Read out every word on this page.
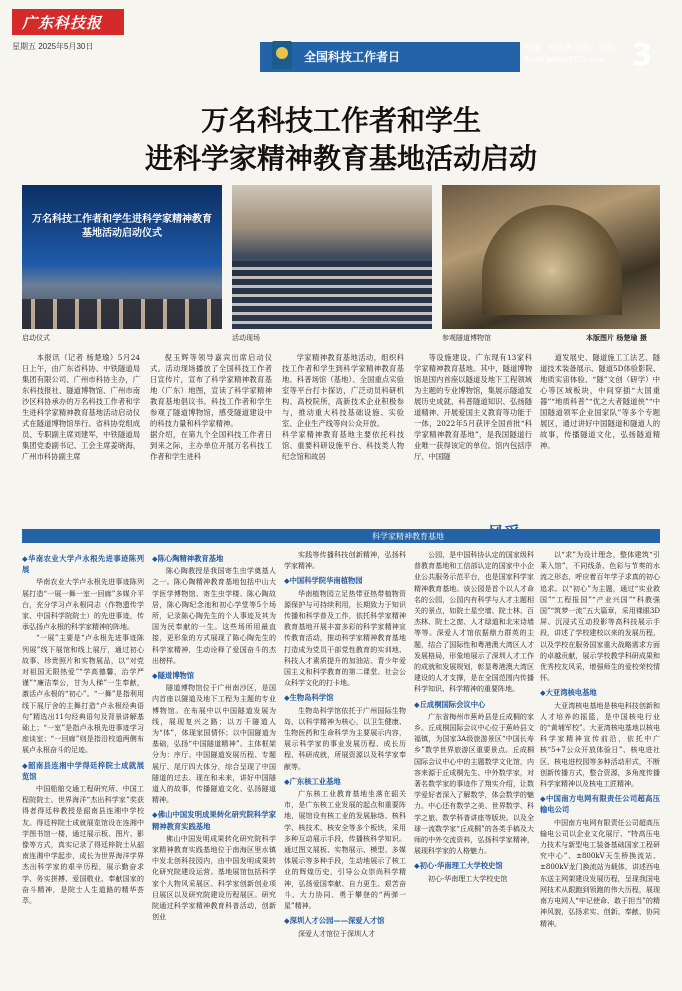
广东科技报
星期五 2025年5月30日
全国科技工作者日
责编：刘海燕 美编：陈阳
Email:gdkjb@126.com 3
万名科技工作者和学生
进科学家精神教育基地活动启动
万名科技工作者和学生进科学家精神教育基地活动启动仪式
启动仪式	活动现场	参观隧道博物馆	本版图片 杨楚瑜 摄

本报讯（记者 杨楚瑜）5月24日上午，由广东省科协、中铁隧道局集团有限公司、广州市科协主办，广东科技报社、隧道博物馆、广州市南沙区科协承办的万名科技工作者和学生进科学家精神教育基地活动启动仪式在隧道博物馆举行。省科协党组成员、专职副主席刘建军，中铁隧道局集团党委副书记、工会主席姜晓海，广州市科协副主席

倪玉辉等领导嘉宾出席启动仪式。活动现场播放了全国科技工作者日宣传片，宣布了科学家精神教育基地（广东）地图，宣读了科学家精神教育基地倡议书。科技工作者和学生参观了隧道博物馆，感受隧道建设中的科技力量和科学家精神。
据介绍，在第九个全国科技工作者日到来之际，主办单位开展万名科技工作者和学生进科

学家精神教育基地活动，组织科技工作者和学生到科学家精神教育基地、科普场馆（基地）、全国重点实验室等平台打卡探访，广泛动员科研机构、高校院所，高新技术企业积极参与，推动重大科技基础设施、实验室、企业生产线等向公众开放。
科学家精神教育基地主要依托科技馆、重要科研设施平台、科技类人物纪念馆和故居

等设施建设。广东现有13家科学家精神教育基地。其中，隧道博物馆是国内首座以隧道及地下工程领域为主题的专业博物馆，集展示隧道发展历史成就、科普隧道知识、弘扬隧道精神、开展爱国主义教育等功能于一体，2022年5月获评全国首批“科学家精神教育基地”，是我国隧道行业唯一获得该定的单位。馆内包括序厅、中国隧

道发展史、隧道施工工法艺、隧道技术装备展示、隧道5D体验影院、地质实宙体验、“隧”文创（研学）中心等区域板块，中间穿插“大国重器”“地质科普”“优之大者隧道侠”“中国隧道领军企业国家队”等多个专题展区，通过讲好中国隧道和隧道人的故事，传播隧道文化，弘扬隧道精神。

科学家精神教育基地	风采
◆华南农业大学卢永根先进事迹陈列展

华南农业大学卢永根先进事迹陈列展打造“一展一舞一室一回廊”多媒介平台，充分学习卢永根同志（作物遗传学家、中国科学院院士）的先进事迹，传承弘扬卢永根的科学家精神的阵地。

“一展”主要是“卢永根先进事迹陈列展”线下展馆和线上展厅，通过初心故事、珍贵照片和实物展品，以“对党对祖国无限热爱”“学高德馨，治学严谨”“廉洁奉公，甘为人梯”一生奉献，激活卢永根的“初心”。“一舞”是指利用线下展厅舍的主舞打造“卢永根经典语句”精选出11句经典语句及背景讲解基础上；“一室”是指卢永根先进事迹学习座谈室；“一回廊”则是指沿校道两侧布展卢永根奋斗的足迹。

◆韶南县连湘中学得廷梓院士成就展览馆

中国船舶交通工程研究所、中国工程院院士、世界海洋“杰出科学家”奖获得者得廷梓教授是韶南县连湘中学校友。得廷梓院士成就展览馆设在连湘中学图书馆一楼，通过展示板、图片、影像等方式，真实记录了得廷梓院士从韶南连湘中学起步，成长为世界海洋学界杰出科学家的艰辛历程，展示勤奋求学、务实拼搏、爱国敬业、奉献国家的奋斗精神，是院士人生道路的精华荟萃。

◆陈心陶精神教育基地

陈心陶教授是我国寄生虫学奠基人之一。陈心陶精神教育基地包括中山大学医学博物馆、寄生虫学楼、陈心陶故居，陈心陶纪念池和初心学堂等5个场所，记录陈心陶先生的个人事迹及其为国为民奉献的一生。这些场所用最直接，更形象的方式展现了陈心陶先生的科学家精神，生动诠释了爱国奋斗的杰出榜样。

◆隧道博物馆

隧道博物馆位于广州南沙区，是国内首座以隧道及地下工程为主题的专业博物馆。在布展中以中国隧道发展为线，展现复兴之路；以万千隧道人为“体”，体现家国情怀；以中国隧道为基础，弘扬“中国隧道精神”。主体框架分为：序厅、中国隧道发展历程、专题展厅、尾厅四大体分，综合呈现了中国隧道的过去、现在和未来，讲好中国隧道人的故事，传播隧道文化、弘扬隧道精神。

◆佛山中国发明成果转化研究院科学家精神教育实践基地

佛山中国发明成果转化研究院科学家精神教育实践基地位于南海区里水镇中发北创科技园内，由中国发明成果转化研究院建设运营。基地展馆包括科学家个人物风采展区、科学家创新创业项目展区以及研究院建设历程展区。研究院通过科学家精神教育科普活动，创新创业

实践等传播科技创新精神，弘扬科学家精神。

◆中国科学院华南植物园

华南植物园立足热带亚热带植物资源保护与可持续利用，长期致力于知识传播和科学普及工作，依托科学家精神教育基地开展丰富多彩的科学家精神宣传教育活动，推动科学家精神教育基地打造成为党员干部党性教育的实训地、科技人才素质提升的加油站、青少年爱国主义和科学教育的第二课堂、社会公众科学文化的打卡地。

◆生物岛科学馆

生物岛科学馆依托于广州国际生物岛，以科学精神为核心，以卫生健康、生物医药和生命科学为主要展示内容，展示科学家的事业发展历程、成长历程、科研成就，所展资源以及科学家奉献等。

◆广东核工业基地

广东核工业教育基地坐落在韶关市，是广东核工业发展的起点和重要阵地，展馆设有核工业的发展脉络、核科学、核技术、核安全等多个板块，采用多种互动展示手段，传播核科学知识。通过图文展板、实物展示、模型、多媒体展示等多种手段，生动地展示了核工业的辉煌历史，引导公众崇尚科学精神，弘扬爱国奉献、自力更生、艰苦奋斗、大力协同、勇于攀登的“两弹一星”精神。

◆深圳人才公园——深爱人才馆

深爱人才馆位于深圳人才

公园，是中国科协认定的国家级科普教育基地和工信部认定的国家中小企业公共服务示范平台，也是国家科学家精神教育基地。该公园是首个以人才命名的公园，公园内有科学与人才主题相关的景点，如院士星空墙、院士林、百杰林、院士之窗、人才绿道和北宋诗墙等等。深爱人才馆依据鼎力群英的主题，结合了国际性和粤港澳大湾区人才发展格局，形象地展示了深圳人才工作的成就和发展规划，彰显粤港澳大湾区建设的人才支撑，是在全国范围内传播科学知识、科学精神的重要阵地。

◆丘成桐国际会议中心

广东省梅州市蕉岭县是丘成桐的家乡。丘成桐国际会议中心位于蕉岭县文福镇，为国家3A级旅游景区“中国长寿乡”数学世界旅游区重要景点。丘成桐国际会议中心中的主题数学文化馆，内容来源于丘成桐先生、中外数学家，对著名数学家的事迹作了翔实介绍，让数学爱好者深入了解数学，体会数学的魅力。中心还有数学之美、世界数学、科学之旅、数学科普讲座等版块。以及全球一流数学家“丘成桐”的各类手稿及大师的中外交流资料，弘扬科学家精神，展现科学家的人格魅力。

◆初心·华南理工大学校史馆

初心·华南理工大学校史馆

以“求”为设计理念，整体建筑“引莱入馆”，不同线条、色彩与节奏的水流之形态，呼应着百年学子求真的初心追求。以“初心”为主题，通过“实业救国”“工程报国”“产业兴国”“科教强国”“筑梦一流”五大篇章，采用裸眼3D屏、沉浸式互动投影等高科技展示手段，讲述了学校建校以来的发展历程，以及学校在服务国家重大战略需求方面的卓越贡献，展示学校教学科研成果和优秀校友风采，增强师生的爱校荣校情怀。

◆大亚湾核电基地

大亚湾核电基地是核电科技创新和人才培养的摇篮，是中国核电行业的“黄埔军校”。大亚湾核电基地以核电科学家精神宣传前沿，依托中广核“5+7公众开放体验日”、核电进社区、核电进校园等多种活动形式，不断创新传播方式，整合资源，多角度传播科学家精神以及核电工匠精神。

◆中国南方电网有限责任公司超高压输电公司

中国南方电网有限责任公司超高压输电公司以企业文化展厅、“特高压电力技术与新型电工装备基础国家工程研究中心”、±800kV天生桥换流站、±800kV龙门换流站为载体，讲述西电东送主网架建设发展历程，呈现我国电网技术从跟跑到领跑的伟大历程，展现南方电网人“牢记使命、敢于担当”的精神风貌，弘扬求实、创新、奉献、协同精神。
